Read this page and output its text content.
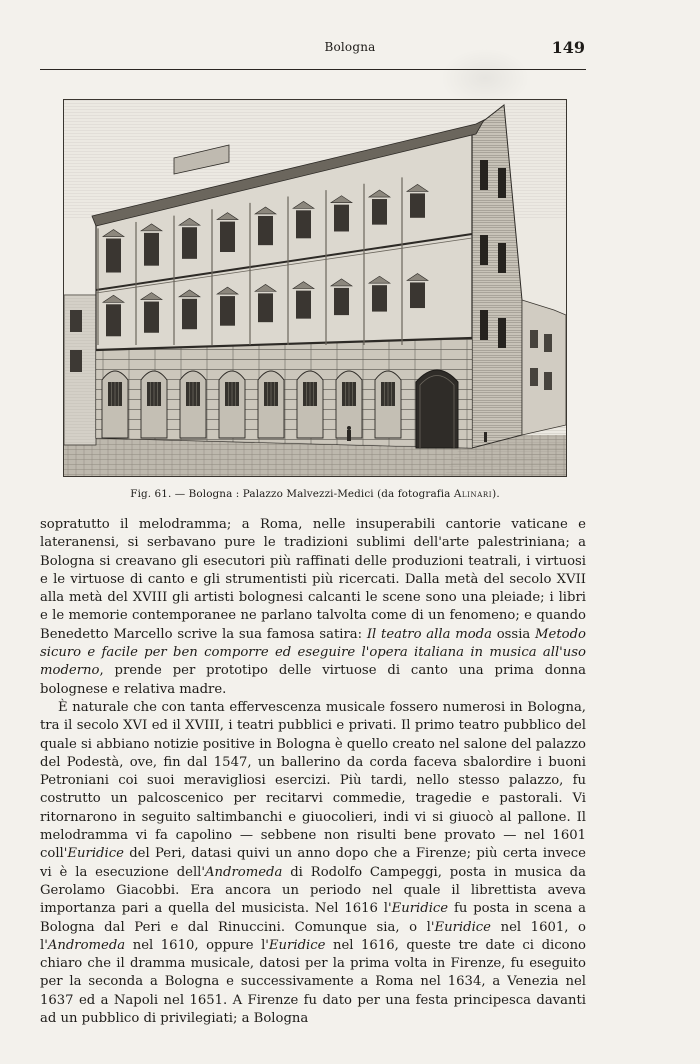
Bologna	149
Fig. 61. — Bologna : Palazzo Malvezzi-Medici (da fotografia Alinari).

sopratutto il melodramma; a Roma, nelle insuperabili cantorie vaticane e lateranensi, si serbavano pure le tradizioni sublimi dell'arte palestriniana; a Bologna si creavano gli esecutori più raffinati delle produzioni teatrali, i virtuosi e le virtuose di canto e gli strumentisti più ricercati. Dalla metà del secolo XVII alla metà del XVIII gli artisti bolognesi calcanti le scene sono una pleiade; i libri e le memorie contemporanee ne parlano talvolta come di un fenomeno; e quando Benedetto Marcello scrive la sua famosa satira: Il teatro alla moda ossia Metodo sicuro e facile per ben comporre ed eseguire l'opera italiana in musica all'uso moderno, prende per prototipo delle virtuose di canto una prima donna bolognese e relativa madre.

È naturale che con tanta effervescenza musicale fossero numerosi in Bologna, tra il secolo XVI ed il XVIII, i teatri pubblici e privati. Il primo teatro pubblico del quale si abbiano notizie positive in Bologna è quello creato nel salone del palazzo del Podestà, ove, fin dal 1547, un ballerino da corda faceva sbalordire i buoni Petroniani coi suoi meravigliosi esercizi. Più tardi, nello stesso palazzo, fu costrutto un palcoscenico per recitarvi commedie, tragedie e pastorali. Vi ritornarono in seguito saltimbanchi e giuocolieri, indi vi si giuocò al pallone. Il melodramma vi fa capolino — sebbene non risulti bene provato — nel 1601 coll'Euridice del Peri, datasi quivi un anno dopo che a Firenze; più certa invece vi è la esecuzione dell'Andromeda di Rodolfo Campeggi, posta in musica da Gerolamo Giacobbi. Era ancora un periodo nel quale il librettista aveva importanza pari a quella del musicista. Nel 1616 l'Euridice fu posta in scena a Bologna dal Peri e dal Rinuccini. Comunque sia, o l'Euridice nel 1601, o l'Andromeda nel 1610, oppure l'Euridice nel 1616, queste tre date ci dicono chiaro che il dramma musicale, datosi per la prima volta in Firenze, fu eseguito per la seconda a Bologna e successivamente a Roma nel 1634, a Venezia nel 1637 ed a Napoli nel 1651. A Firenze fu dato per una festa principesca davanti ad un pubblico di privilegiati; a Bologna
